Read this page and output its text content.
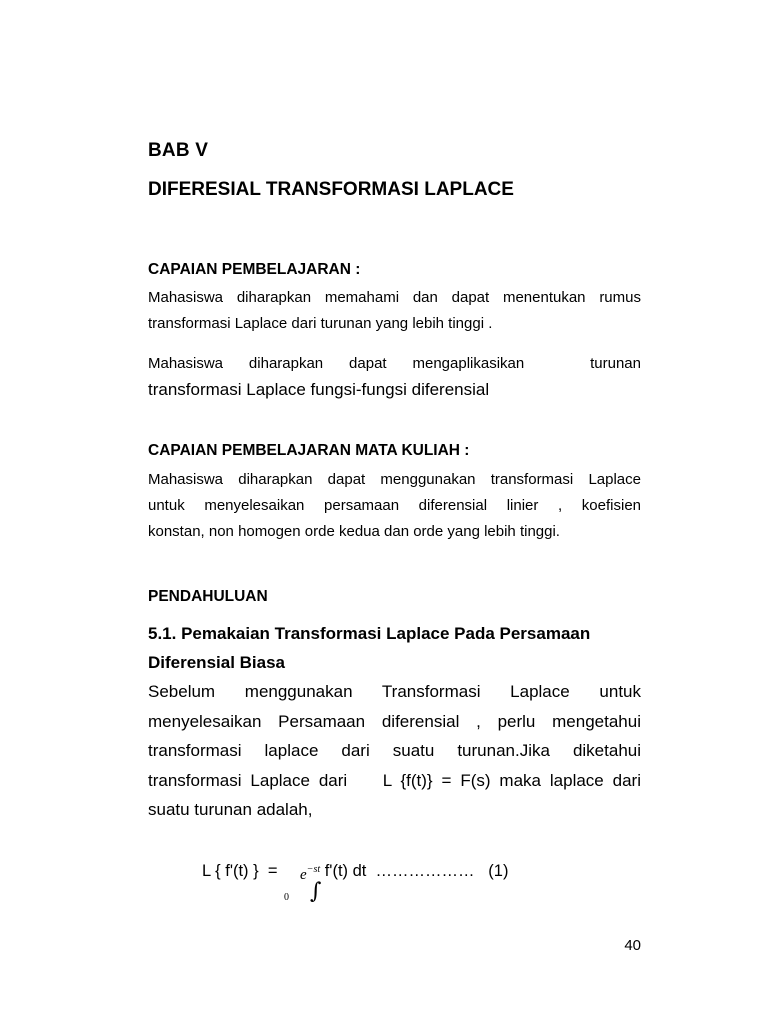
BAB V
DIFERESIAL TRANSFORMASI LAPLACE
CAPAIAN PEMBELAJARAN :
Mahasiswa diharapkan memahami dan dapat menentukan rumus
transformasi Laplace dari turunan yang lebih tinggi .
Mahasiswa diharapkan dapat mengaplikasikan	turunan
transformasi Laplace fungsi-fungsi diferensial
CAPAIAN PEMBELAJARAN MATA KULIAH :
Mahasiswa diharapkan dapat menggunakan transformasi Laplace
untuk menyelesaikan persamaan diferensial linier , koefisien
konstan, non homogen orde kedua dan orde yang lebih tinggi.
PENDAHULUAN
5.1. Pemakaian Transformasi Laplace Pada Persamaan
Diferensial Biasa
Sebelum menggunakan Transformasi Laplace untuk
menyelesaikan Persamaan diferensial , perlu mengetahui
transformasi laplace dari suatu turunan.Jika diketahui
transformasi Laplace dari    L {f(t)} = F(s) maka laplace dari
suatu turunan adalah,
L { f'(t) }  =

∫

0

$e^{-st}$ f'(t) dt  ………………   (1)
40
